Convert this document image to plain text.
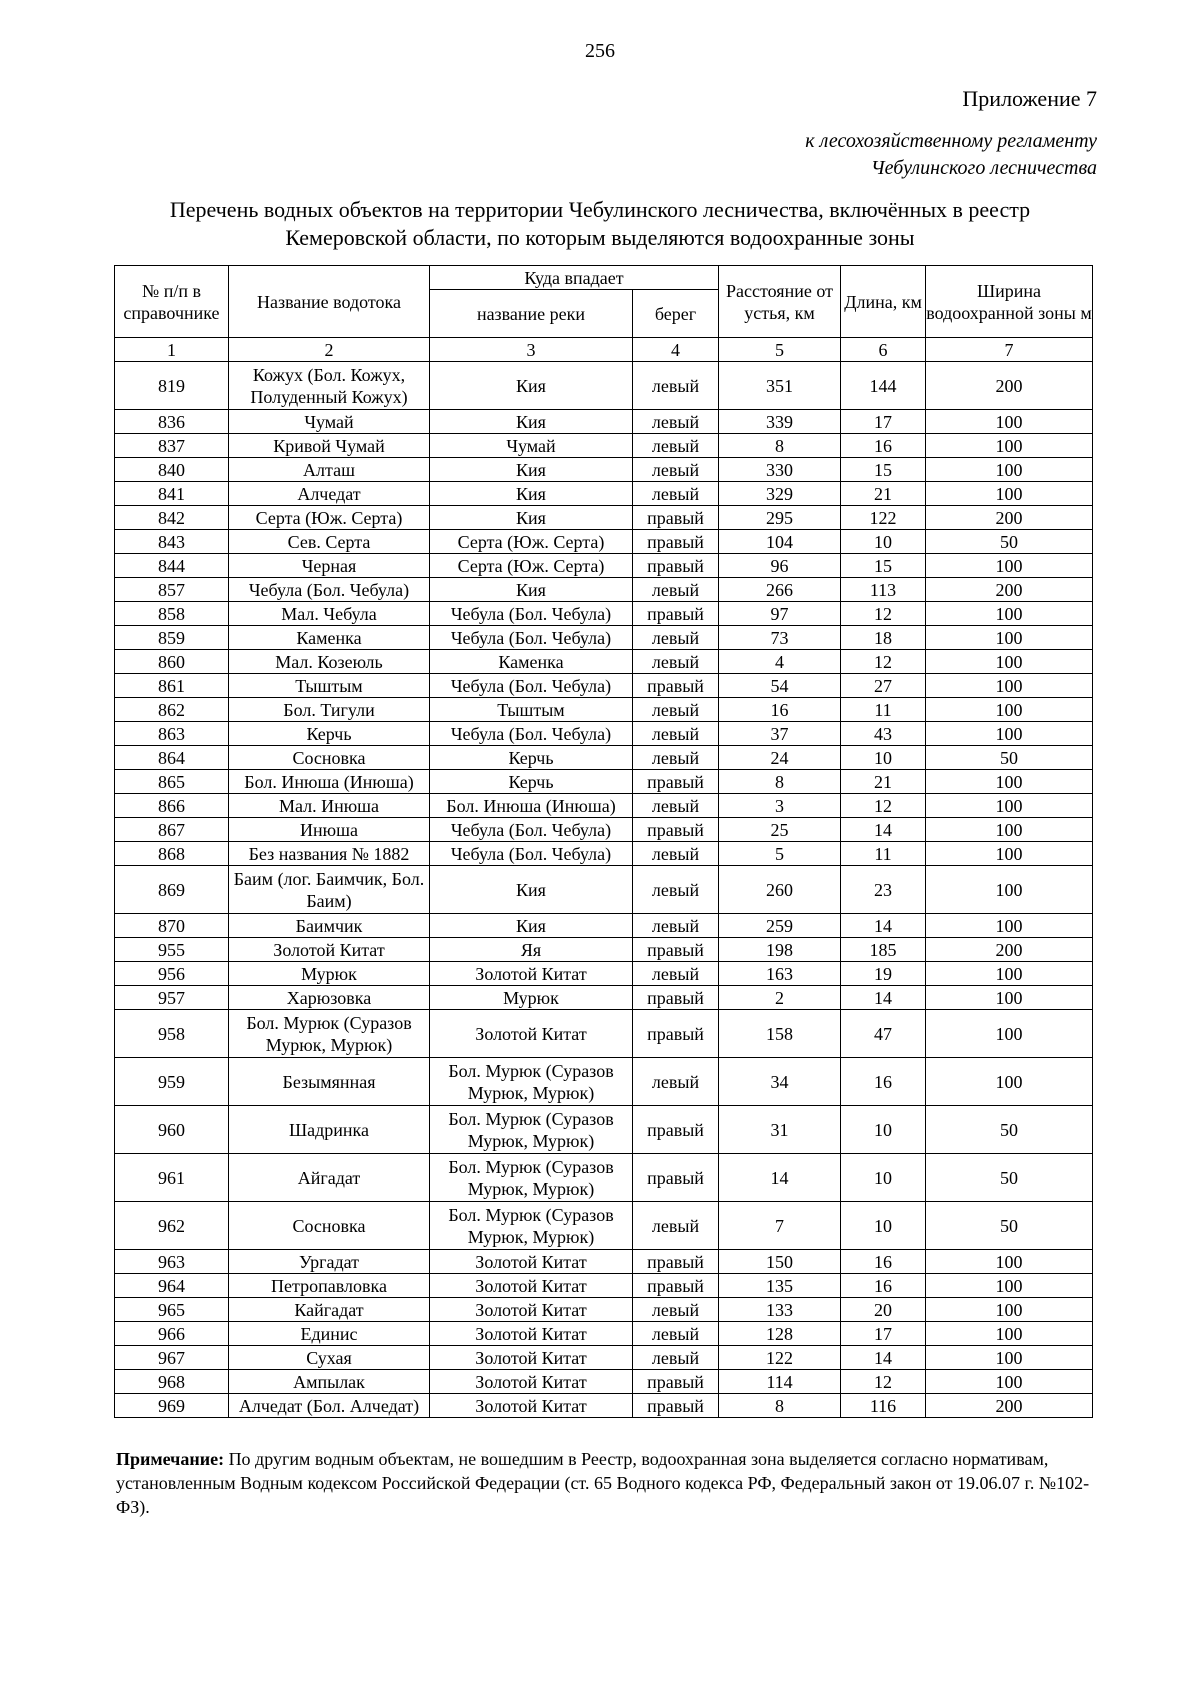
256
Приложение 7
к лесохозяйственному регламенту
Чебулинского лесничества
Перечень водных объектов на территории Чебулинского лесничества, включённых в реестр
Кемеровской области, по которым выделяются водоохранные зоны
№ п/п в справочнике	Название водотока	Куда впадает		Расстояние от устья, км	Длина, км	Ширина водоохранной зоны м
		название реки	берег			
1	2	3	4	5	6	7
819	Кожух (Бол. Кожух, Полуденный Кожух)	Кия	левый	351	144	200
836	Чумай	Кия	левый	339	17	100
837	Кривой Чумай	Чумай	левый	8	16	100
840	Алташ	Кия	левый	330	15	100
841	Алчедат	Кия	левый	329	21	100
842	Серта (Юж. Серта)	Кия	правый	295	122	200
843	Сев. Серта	Серта (Юж. Серта)	правый	104	10	50
844	Черная	Серта (Юж. Серта)	правый	96	15	100
857	Чебула (Бол. Чебула)	Кия	левый	266	113	200
858	Мал. Чебула	Чебула (Бол. Чебула)	правый	97	12	100
859	Каменка	Чебула (Бол. Чебула)	левый	73	18	100
860	Мал. Козеюль	Каменка	левый	4	12	100
861	Тыштым	Чебула (Бол. Чебула)	правый	54	27	100
862	Бол. Тигули	Тыштым	левый	16	11	100
863	Керчь	Чебула (Бол. Чебула)	левый	37	43	100
864	Сосновка	Керчь	левый	24	10	50
865	Бол. Инюша (Инюша)	Керчь	правый	8	21	100
866	Мал. Инюша	Бол. Инюша (Инюша)	левый	3	12	100
867	Инюша	Чебула (Бол. Чебула)	правый	25	14	100
868	Без названия № 1882	Чебула (Бол. Чебула)	левый	5	11	100
869	Баим (лог. Баимчик, Бол. Баим)	Кия	левый	260	23	100
870	Баимчик	Кия	левый	259	14	100
955	Золотой Китат	Яя	правый	198	185	200
956	Мурюк	Золотой Китат	левый	163	19	100
957	Харюзовка	Мурюк	правый	2	14	100
958	Бол. Мурюк (Суразов Мурюк, Мурюк)	Золотой Китат	правый	158	47	100
959	Безымянная	Бол. Мурюк (Суразов Мурюк, Мурюк)	левый	34	16	100
960	Шадринка	Бол. Мурюк (Суразов Мурюк, Мурюк)	правый	31	10	50
961	Айгадат	Бол. Мурюк (Суразов Мурюк, Мурюк)	правый	14	10	50
962	Сосновка	Бол. Мурюк (Суразов Мурюк, Мурюк)	левый	7	10	50
963	Ургадат	Золотой Китат	правый	150	16	100
964	Петропавловка	Золотой Китат	правый	135	16	100
965	Кайгадат	Золотой Китат	левый	133	20	100
966	Единис	Золотой Китат	левый	128	17	100
967	Сухая	Золотой Китат	левый	122	14	100
968	Ампылак	Золотой Китат	правый	114	12	100
969	Алчедат (Бол. Алчедат)	Золотой Китат	правый	8	116	200
Примечание: По другим водным объектам, не вошедшим в Реестр, водоохранная зона выделяется согласно нормативам, установленным Водным кодексом Российской Федерации (ст. 65 Водного кодекса РФ, Федеральный закон от 19.06.07 г. №102-ФЗ).
